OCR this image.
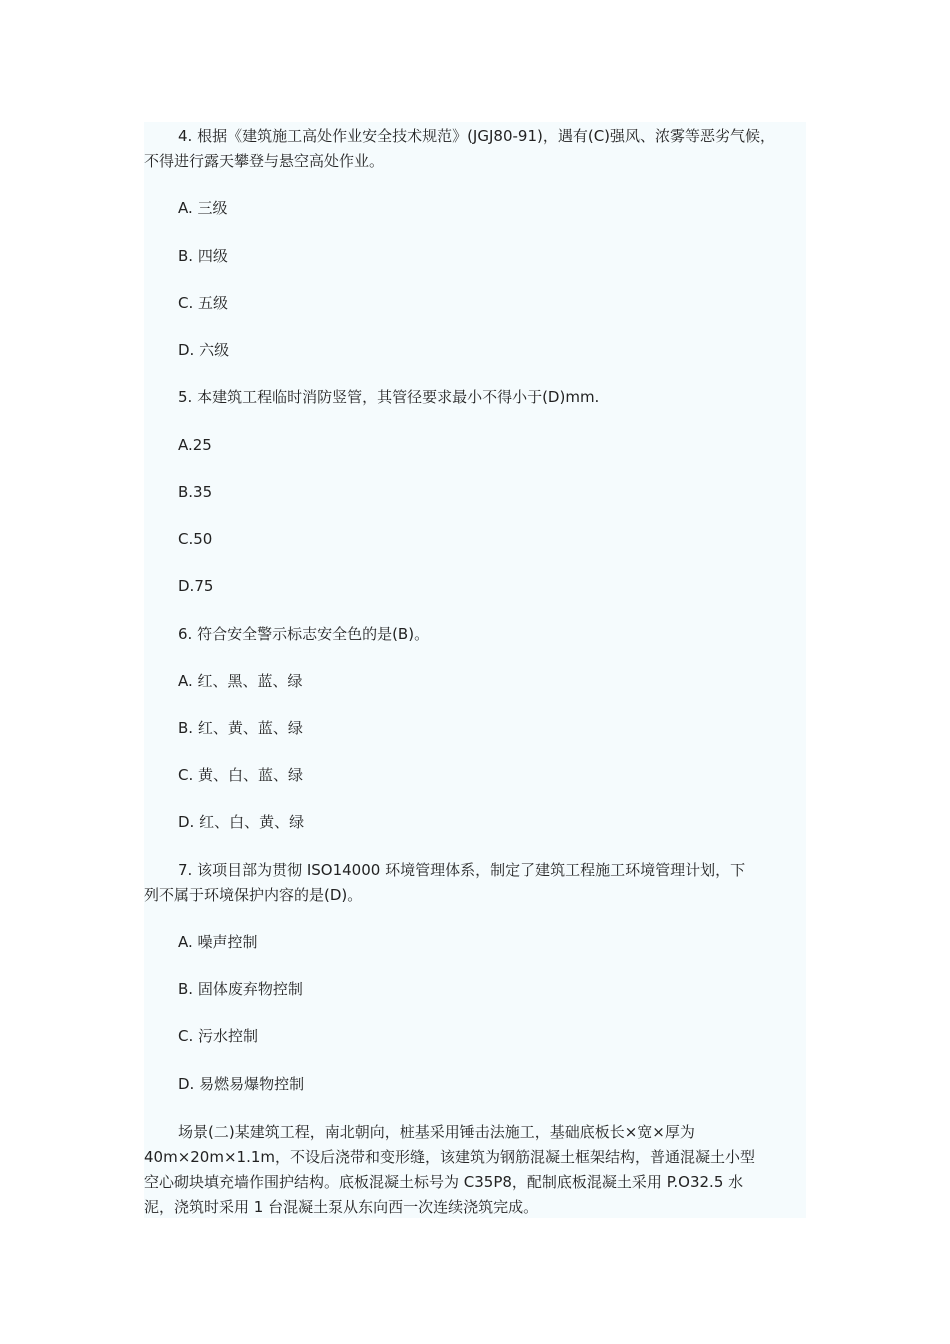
4. 根据《建筑施工高处作业安全技术规范》(JGJ80-91)，遇有(C)强风、浓雾等恶劣气候，
不得进行露天攀登与悬空高处作业。
A. 三级
B. 四级
C. 五级
D. 六级
5. 本建筑工程临时消防竖管，其管径要求最小不得小于(D)mm.
A.25
B.35
C.50
D.75
6. 符合安全警示标志安全色的是(B)。
A. 红、黑、蓝、绿
B. 红、黄、蓝、绿
C. 黄、白、蓝、绿
D. 红、白、黄、绿
7. 该项目部为贯彻 ISO14000 环境管理体系，制定了建筑工程施工环境管理计划，下
列不属于环境保护内容的是(D)。
A. 噪声控制
B. 固体废弃物控制
C. 污水控制
D. 易燃易爆物控制
场景(二)某建筑工程，南北朝向，桩基采用锤击法施工，基础底板长×宽×厚为
40m×20m×1.1m，不设后浇带和变形缝，该建筑为钢筋混凝土框架结构，普通混凝土小型
空心砌块填充墙作围护结构。底板混凝土标号为 C35P8，配制底板混凝土采用 P.O32.5 水
泥，浇筑时采用 1 台混凝土泵从东向西一次连续浇筑完成。
